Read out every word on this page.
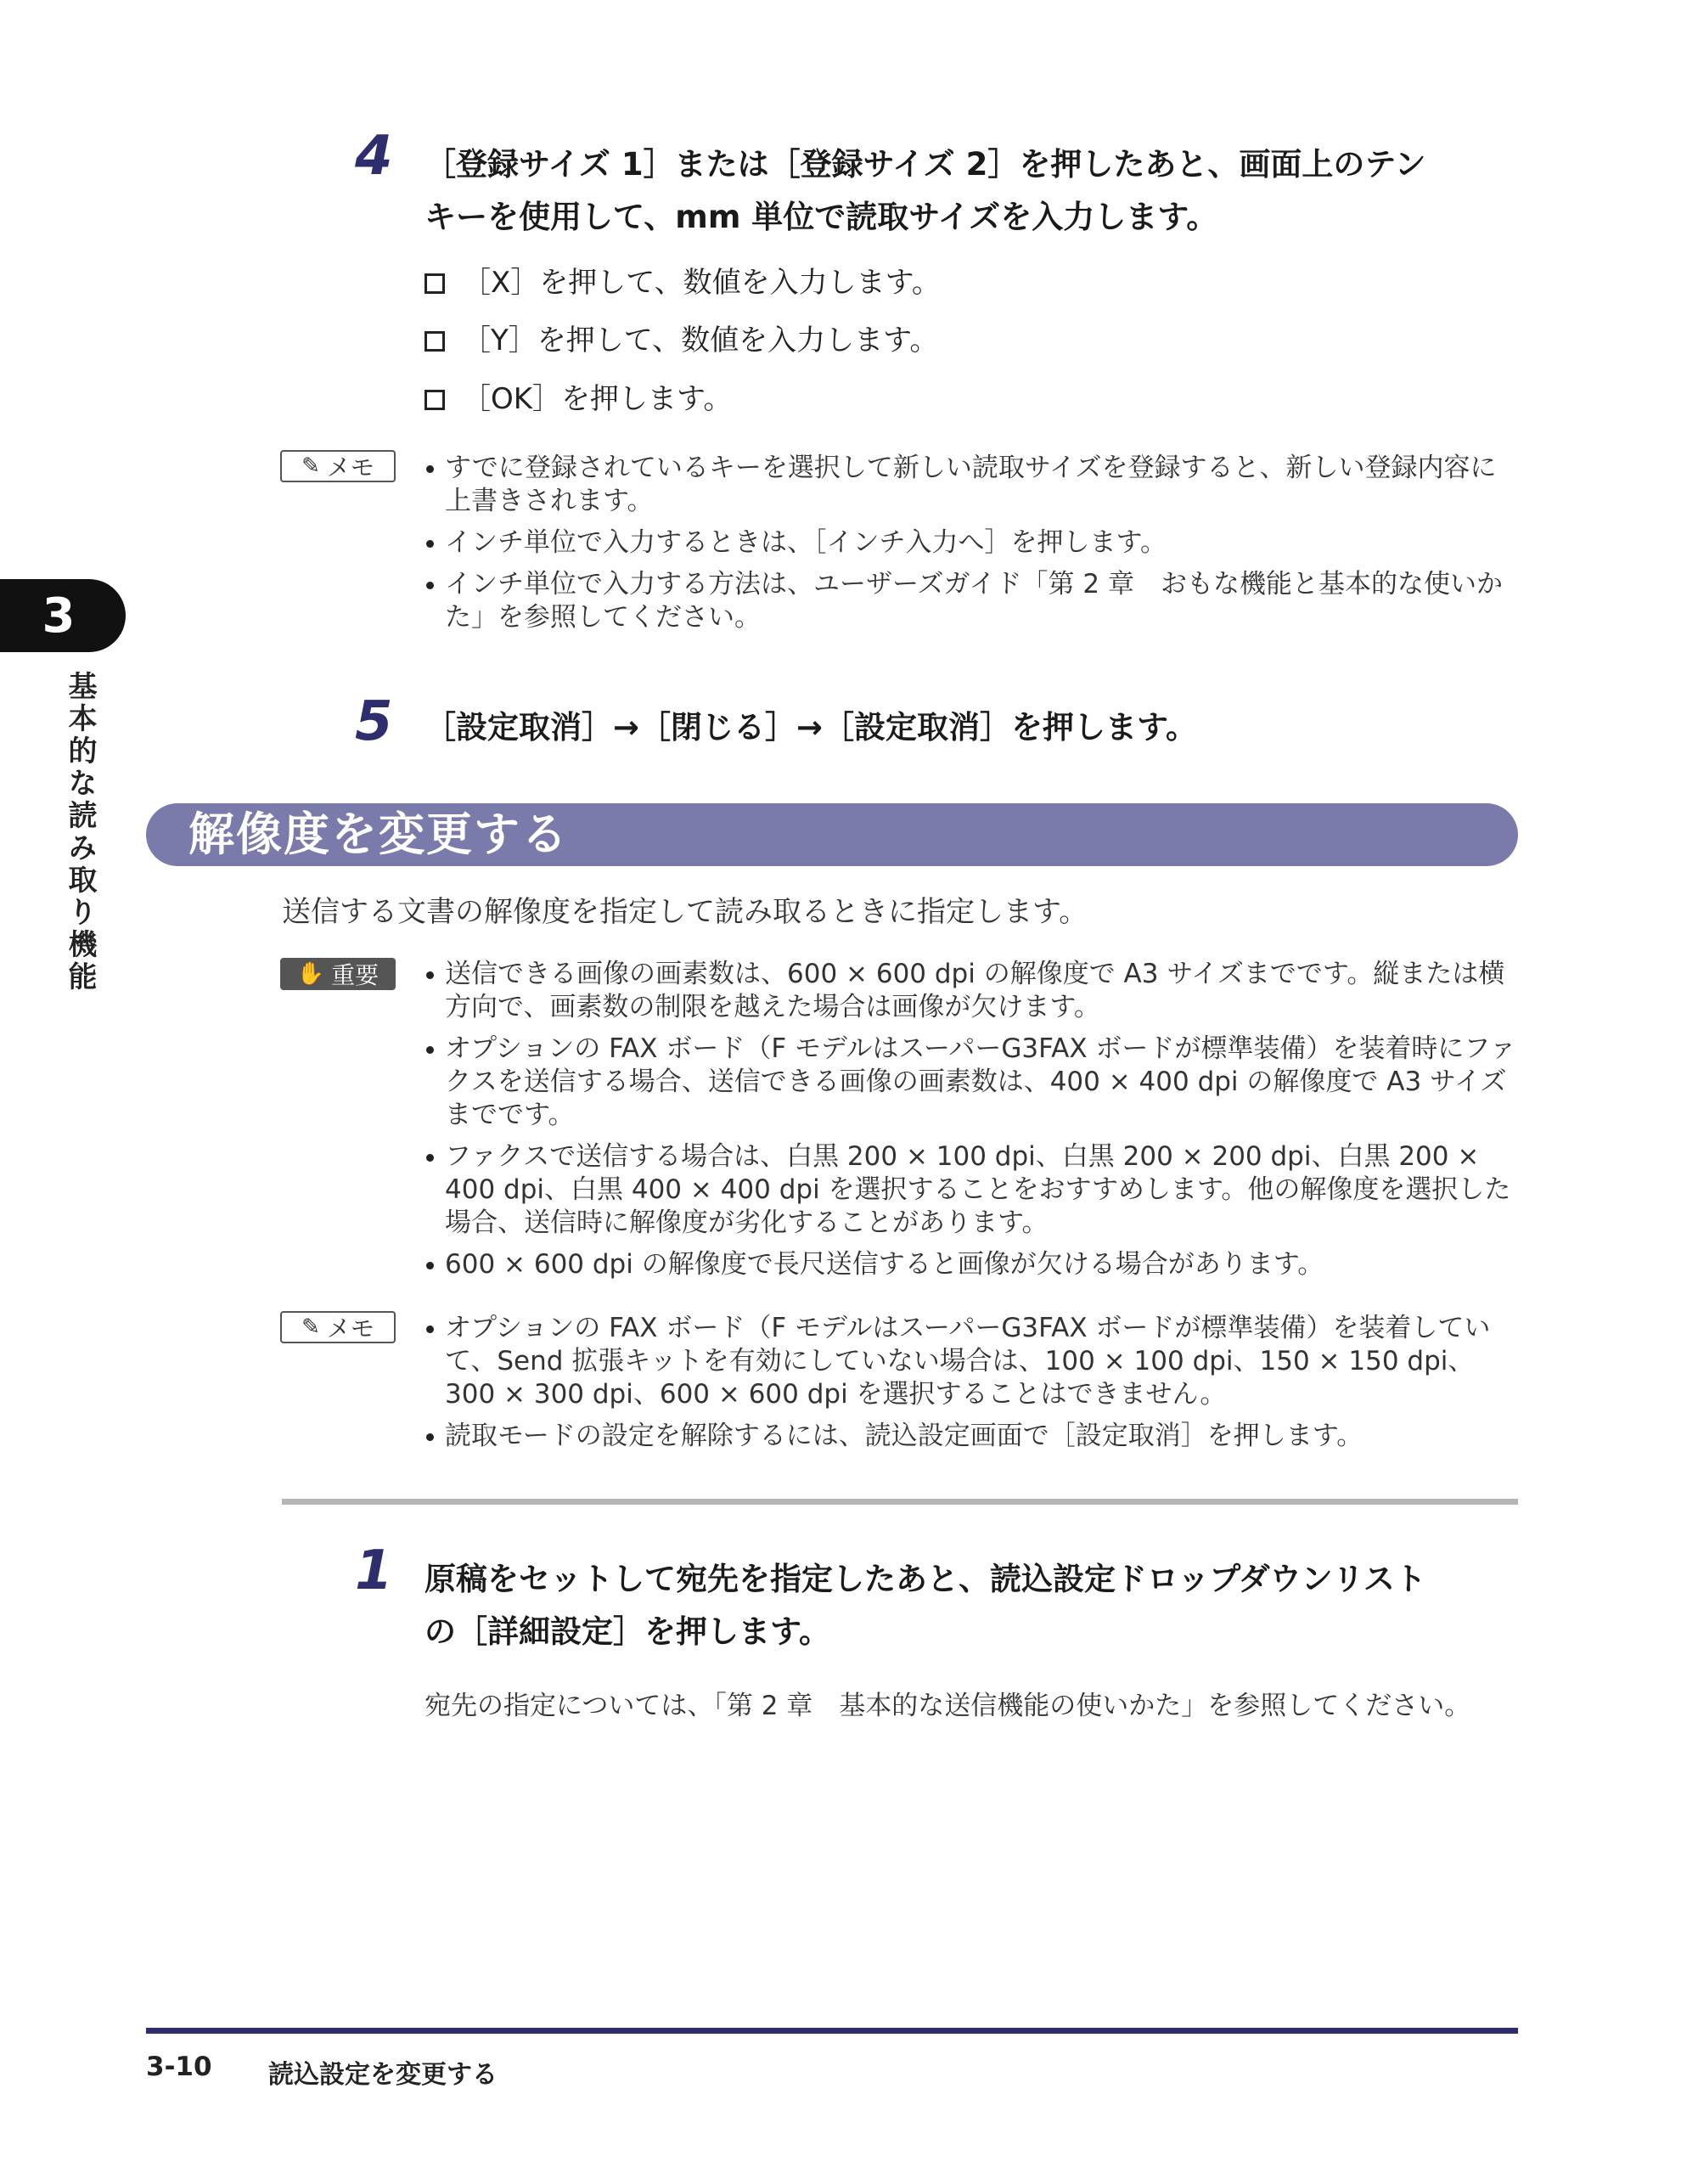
3
基本的な読み取り機能
4 ［登録サイズ 1］または［登録サイズ 2］を押したあと、画面上のテン
キーを使用して、mm 単位で読取サイズを入力します。
［X］を押して、数値を入力します。
［Y］を押して、数値を入力します。
［OK］を押します。
✎ メモ	すでに登録されているキーを選択して新しい読取サイズを登録すると、新しい登録内容に上書きされます。
インチ単位で入力するときは、［インチ入力へ］を押します。
インチ単位で入力する方法は、ユーザーズガイド「第 2 章　おもな機能と基本的な使いかた」を参照してください。
5 ［設定取消］→［閉じる］→［設定取消］を押します。
解像度を変更する
送信する文書の解像度を指定して読み取るときに指定します。
✋ 重要	送信できる画像の画素数は、600 × 600 dpi の解像度で A3 サイズまでです。縦または横方向で、画素数の制限を越えた場合は画像が欠けます。
オプションの FAX ボード（F モデルはスーパーG3FAX ボードが標準装備）を装着時にファクスを送信する場合、送信できる画像の画素数は、400 × 400 dpi の解像度で A3 サイズまでです。
ファクスで送信する場合は、白黒 200 × 100 dpi、白黒 200 × 200 dpi、白黒 200 × 400 dpi、白黒 400 × 400 dpi を選択することをおすすめします。他の解像度を選択した場合、送信時に解像度が劣化することがあります。
600 × 600 dpi の解像度で長尺送信すると画像が欠ける場合があります。
✎ メモ	オプションの FAX ボード（F モデルはスーパーG3FAX ボードが標準装備）を装着していて、Send 拡張キットを有効にしていない場合は、100 × 100 dpi、150 × 150 dpi、300 × 300 dpi、600 × 600 dpi を選択することはできません。
読取モードの設定を解除するには、読込設定画面で［設定取消］を押します。
1 原稿をセットして宛先を指定したあと、読込設定ドロップダウンリスト
の［詳細設定］を押します。
宛先の指定については、「第 2 章　基本的な送信機能の使いかた」を参照してください。
3-10 読込設定を変更する
